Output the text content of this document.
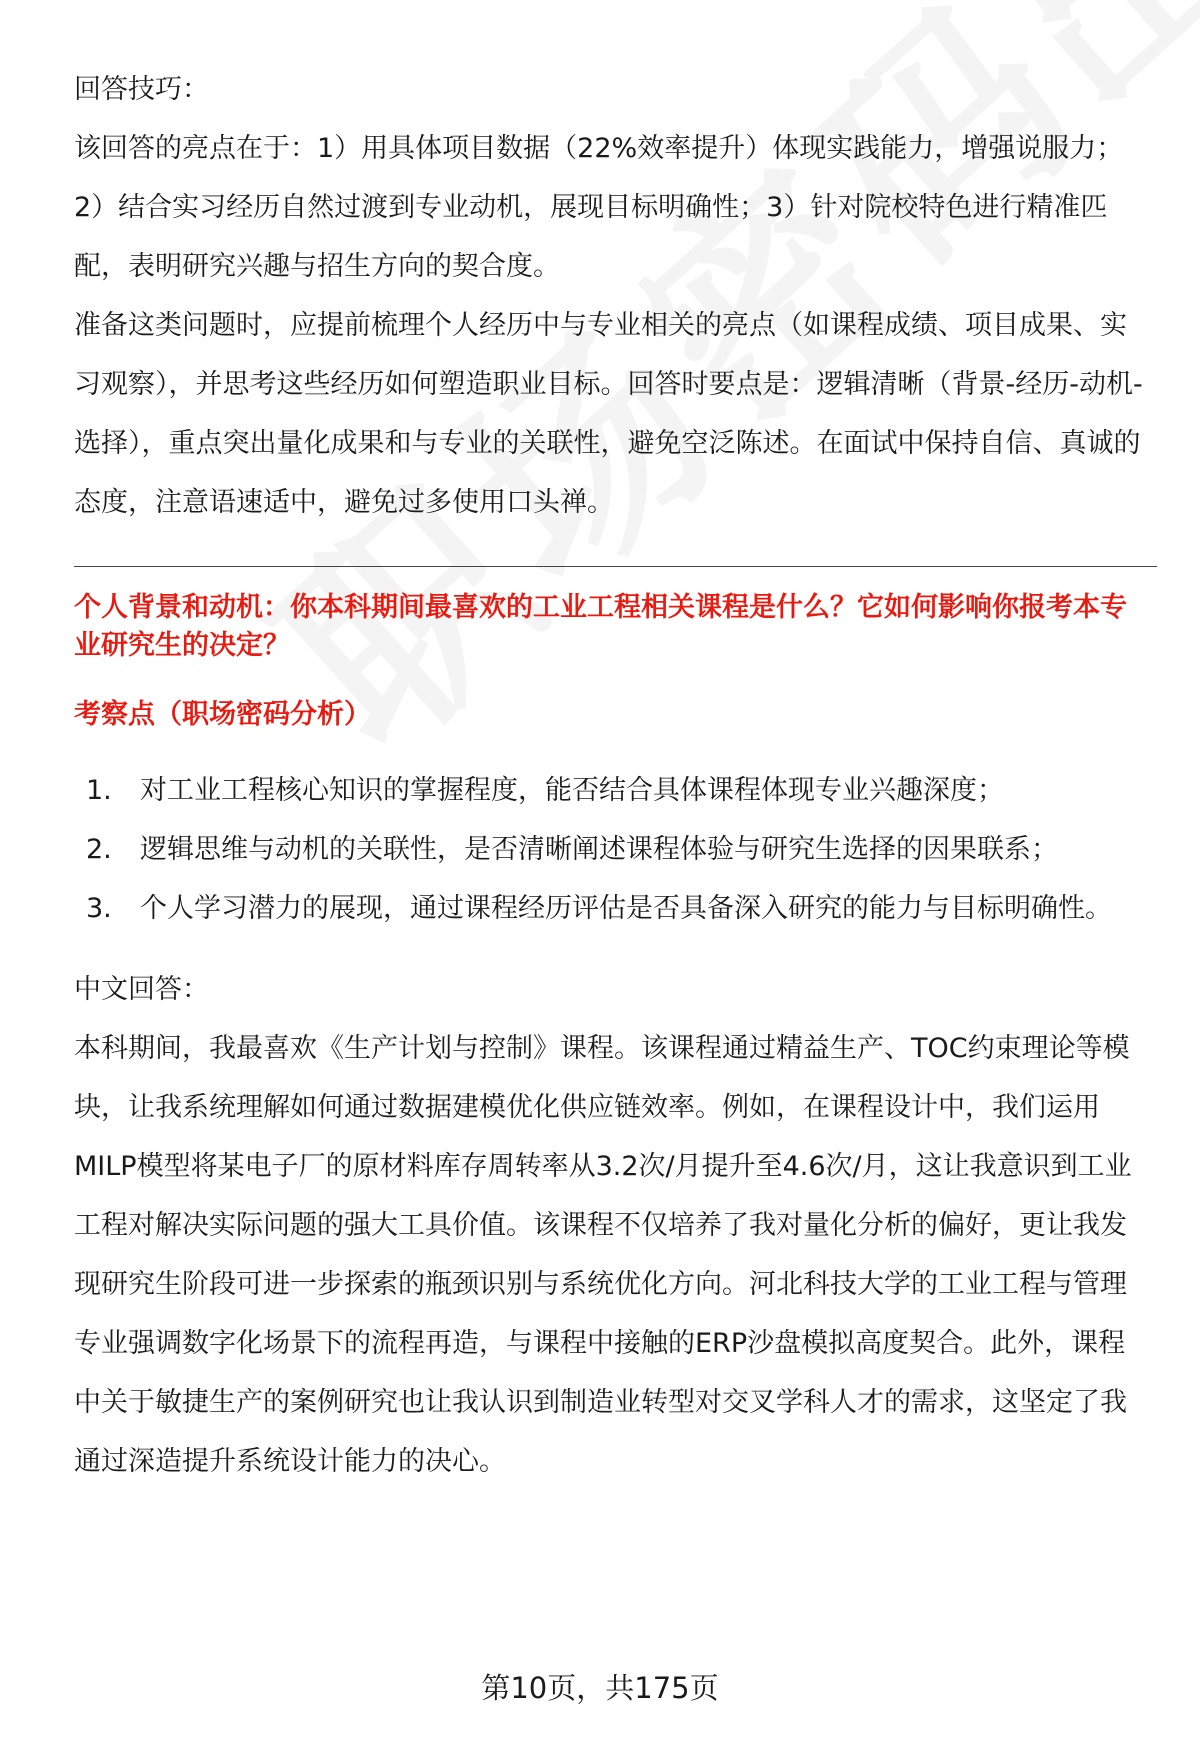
回答技巧：

该回答的亮点在于：1）用具体项目数据（22%效率提升）体现实践能力，增强说服力；2）结合实习经历自然过渡到专业动机，展现目标明确性；3）针对院校特色进行精准匹配，表明研究兴趣与招生方向的契合度。

准备这类问题时，应提前梳理个人经历中与专业相关的亮点（如课程成绩、项目成果、实习观察），并思考这些经历如何塑造职业目标。回答时要点是：逻辑清晰（背景-经历-动机-选择），重点突出量化成果和与专业的关联性，避免空泛陈述。在面试中保持自信、真诚的态度，注意语速适中，避免过多使用口头禅。

个人背景和动机：你本科期间最喜欢的工业工程相关课程是什么？它如何影响你报考本专业研究生的决定？

考察点（职场密码分析）

1.	对工业工程核心知识的掌握程度，能否结合具体课程体现专业兴趣深度；
2.	逻辑思维与动机的关联性，是否清晰阐述课程体验与研究生选择的因果联系；
3.	个人学习潜力的展现，通过课程经历评估是否具备深入研究的能力与目标明确性。

中文回答：

本科期间，我最喜欢《生产计划与控制》课程。该课程通过精益生产、TOC约束理论等模块，让我系统理解如何通过数据建模优化供应链效率。例如，在课程设计中，我们运用MILP模型将某电子厂的原材料库存周转率从3.2次/月提升至4.6次/月，这让我意识到工业工程对解决实际问题的强大工具价值。该课程不仅培养了我对量化分析的偏好，更让我发现研究生阶段可进一步探索的瓶颈识别与系统优化方向。河北科技大学的工业工程与管理专业强调数字化场景下的流程再造，与课程中接触的ERP沙盘模拟高度契合。此外，课程中关于敏捷生产的案例研究也让我认识到制造业转型对交叉学科人才的需求，这坚定了我通过深造提升系统设计能力的决心。

第10页，共175页
